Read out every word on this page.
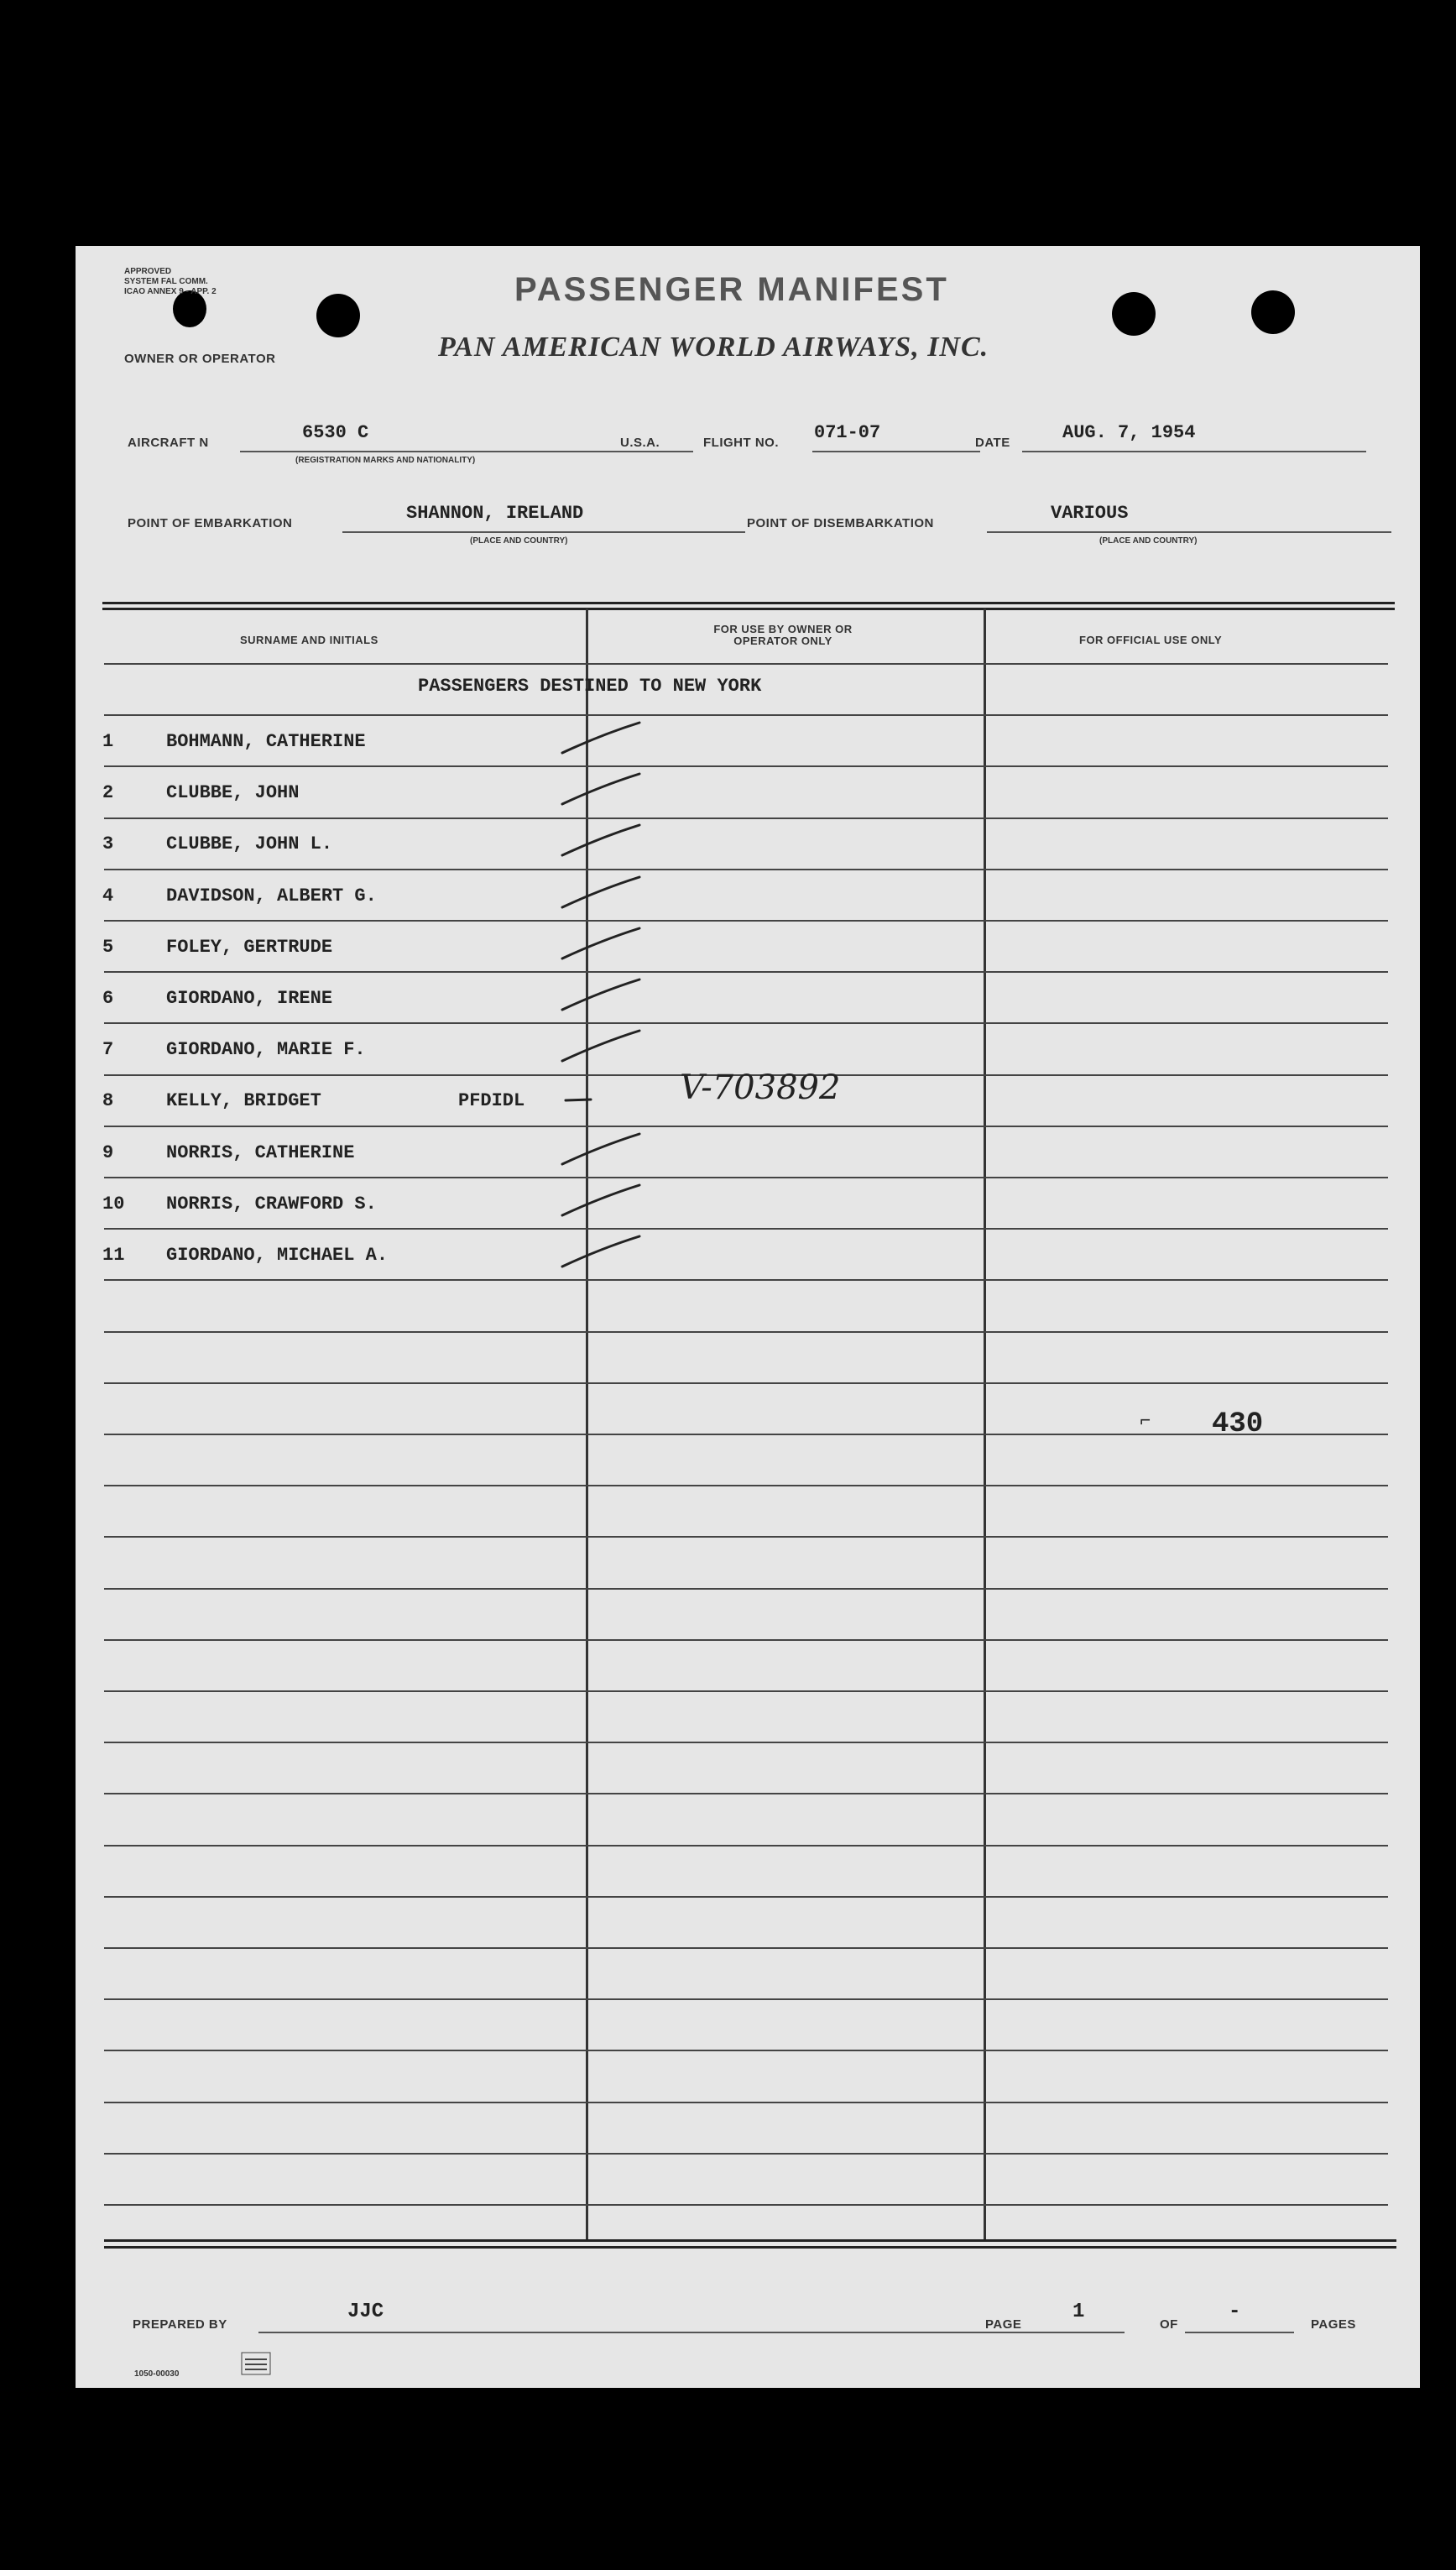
APPROVED
SYSTEM FAL COMM.
ICAO ANNEX 9 - APP. 2
OWNER OR OPERATOR
PASSENGER MANIFEST
PAN AMERICAN WORLD AIRWAYS, INC.
AIRCRAFT N	6530 C
(REGISTRATION MARKS AND NATIONALITY)
U.S.A.	FLIGHT NO. 071-07	DATE	AUG. 7, 1954
POINT OF EMBARKATION	SHANNON, IRELAND
(PLACE AND COUNTRY)
POINT OF DISEMBARKATION	VARIOUS
(PLACE AND COUNTRY)
SURNAME AND INITIALS
FOR USE BY OWNER OR OPERATOR ONLY	FOR OFFICIAL USE ONLY
PASSENGERS DESTINED TO NEW YORK
1	BOHMANN, CATHERINE
2	CLUBBE, JOHN
3	CLUBBE, JOHN L.
4	DAVIDSON, ALBERT G.
5	FOLEY, GERTRUDE
6	GIORDANO, IRENE
7	GIORDANO, MARIE F.
8	KELLY, BRIDGET	PFDIDL
9	NORRIS, CATHERINE
10 NORRIS, CRAWFORD S.
11 GIORDANO, MICHAEL A.
V-703892
⌐ 430
PREPARED BY
JJC
PAGE
1
OF
-
PAGES
1050-00030
